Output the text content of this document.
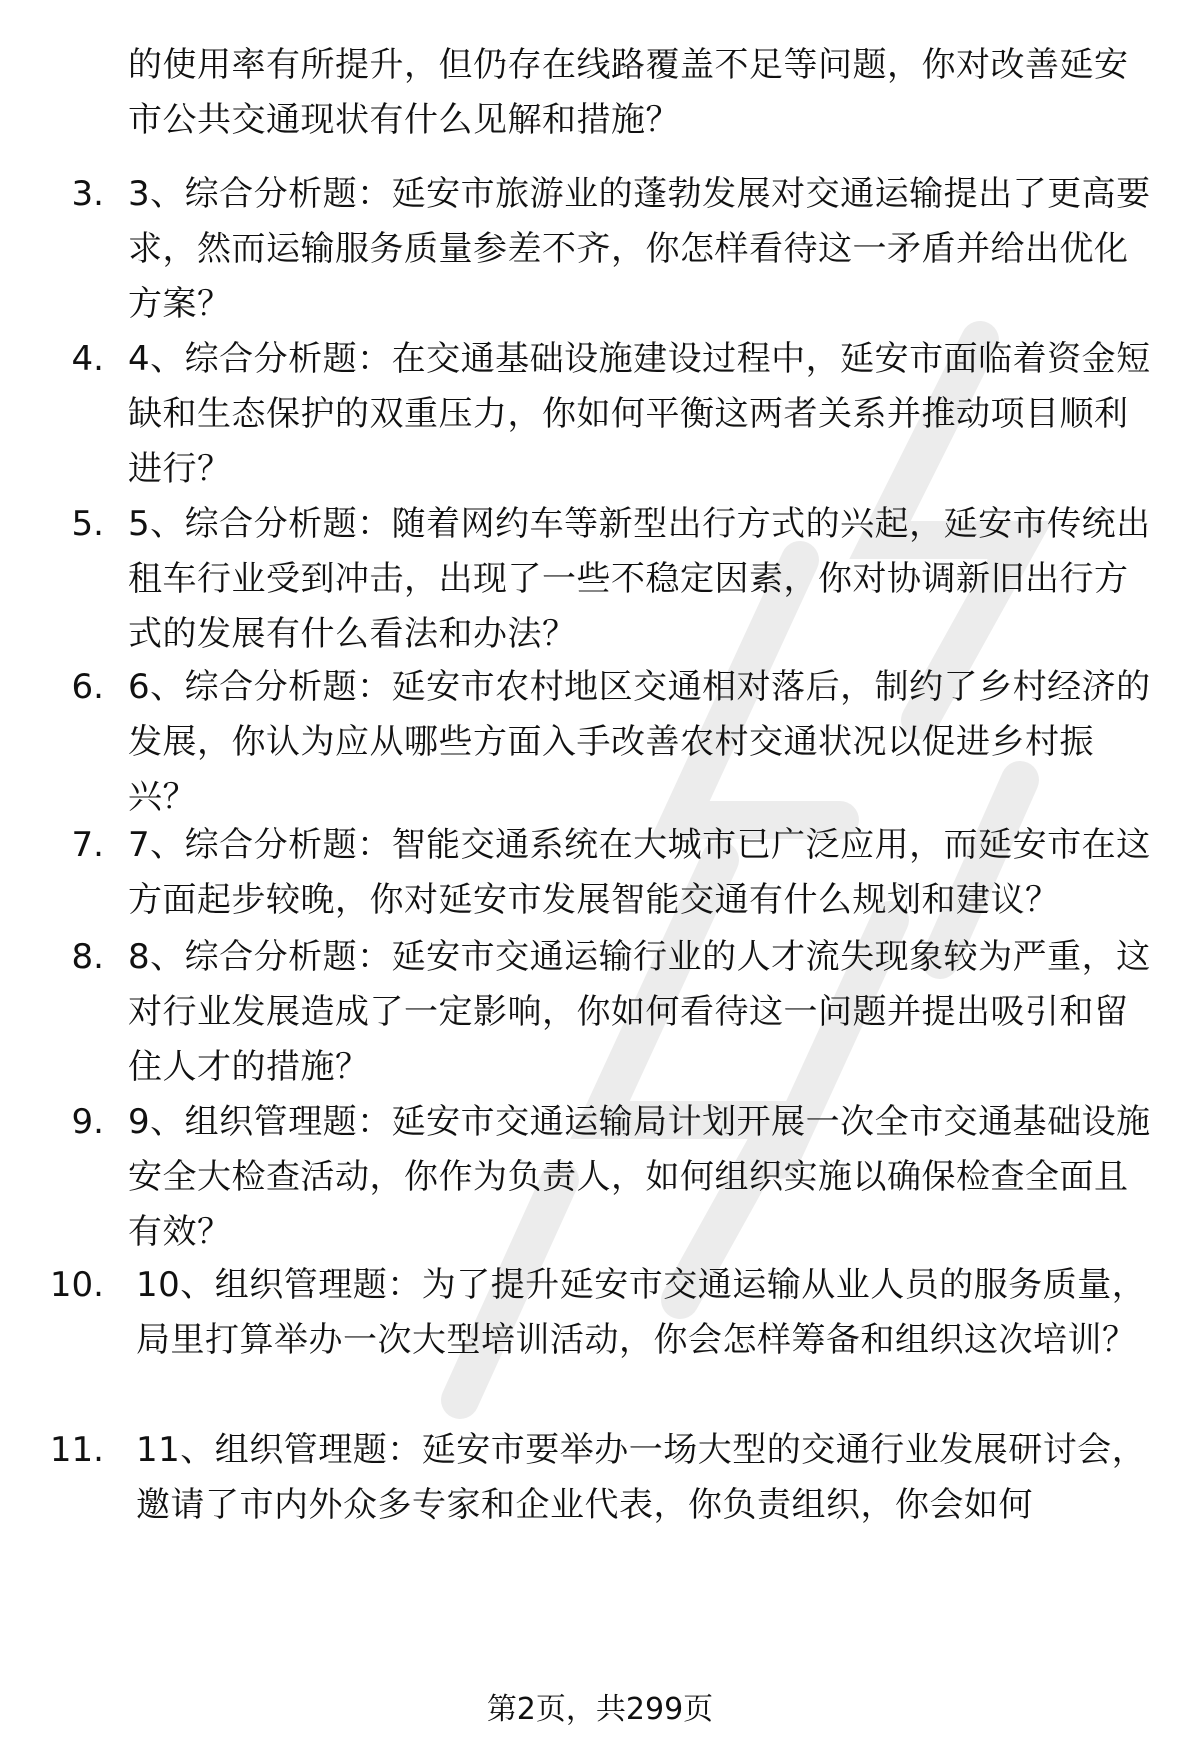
的使用率有所提升，但仍存在线路覆盖不足等问题，你对改善延安市公共交通现状有什么见解和措施？
3. 3、综合分析题：延安市旅游业的蓬勃发展对交通运输提出了更高要求，然而运输服务质量参差不齐，你怎样看待这一矛盾并给出优化方案？
4. 4、综合分析题：在交通基础设施建设过程中，延安市面临着资金短缺和生态保护的双重压力，你如何平衡这两者关系并推动项目顺利进行？
5. 5、综合分析题：随着网约车等新型出行方式的兴起，延安市传统出租车行业受到冲击，出现了一些不稳定因素，你对协调新旧出行方式的发展有什么看法和办法？
6. 6、综合分析题：延安市农村地区交通相对落后，制约了乡村经济的发展，你认为应从哪些方面入手改善农村交通状况以促进乡村振兴？
7. 7、综合分析题：智能交通系统在大城市已广泛应用，而延安市在这方面起步较晚，你对延安市发展智能交通有什么规划和建议？
8. 8、综合分析题：延安市交通运输行业的人才流失现象较为严重，这对行业发展造成了一定影响，你如何看待这一问题并提出吸引和留住人才的措施？
9. 9、组织管理题：延安市交通运输局计划开展一次全市交通基础设施安全大检查活动，你作为负责人，如何组织实施以确保检查全面且有效？
10. 10、组织管理题：为了提升延安市交通运输从业人员的服务质量，局里打算举办一次大型培训活动，你会怎样筹备和组织这次培训？
11. 11、组织管理题：延安市要举办一场大型的交通行业发展研讨会，邀请了市内外众多专家和企业代表，你负责组织，你会如何
第2页，共299页
